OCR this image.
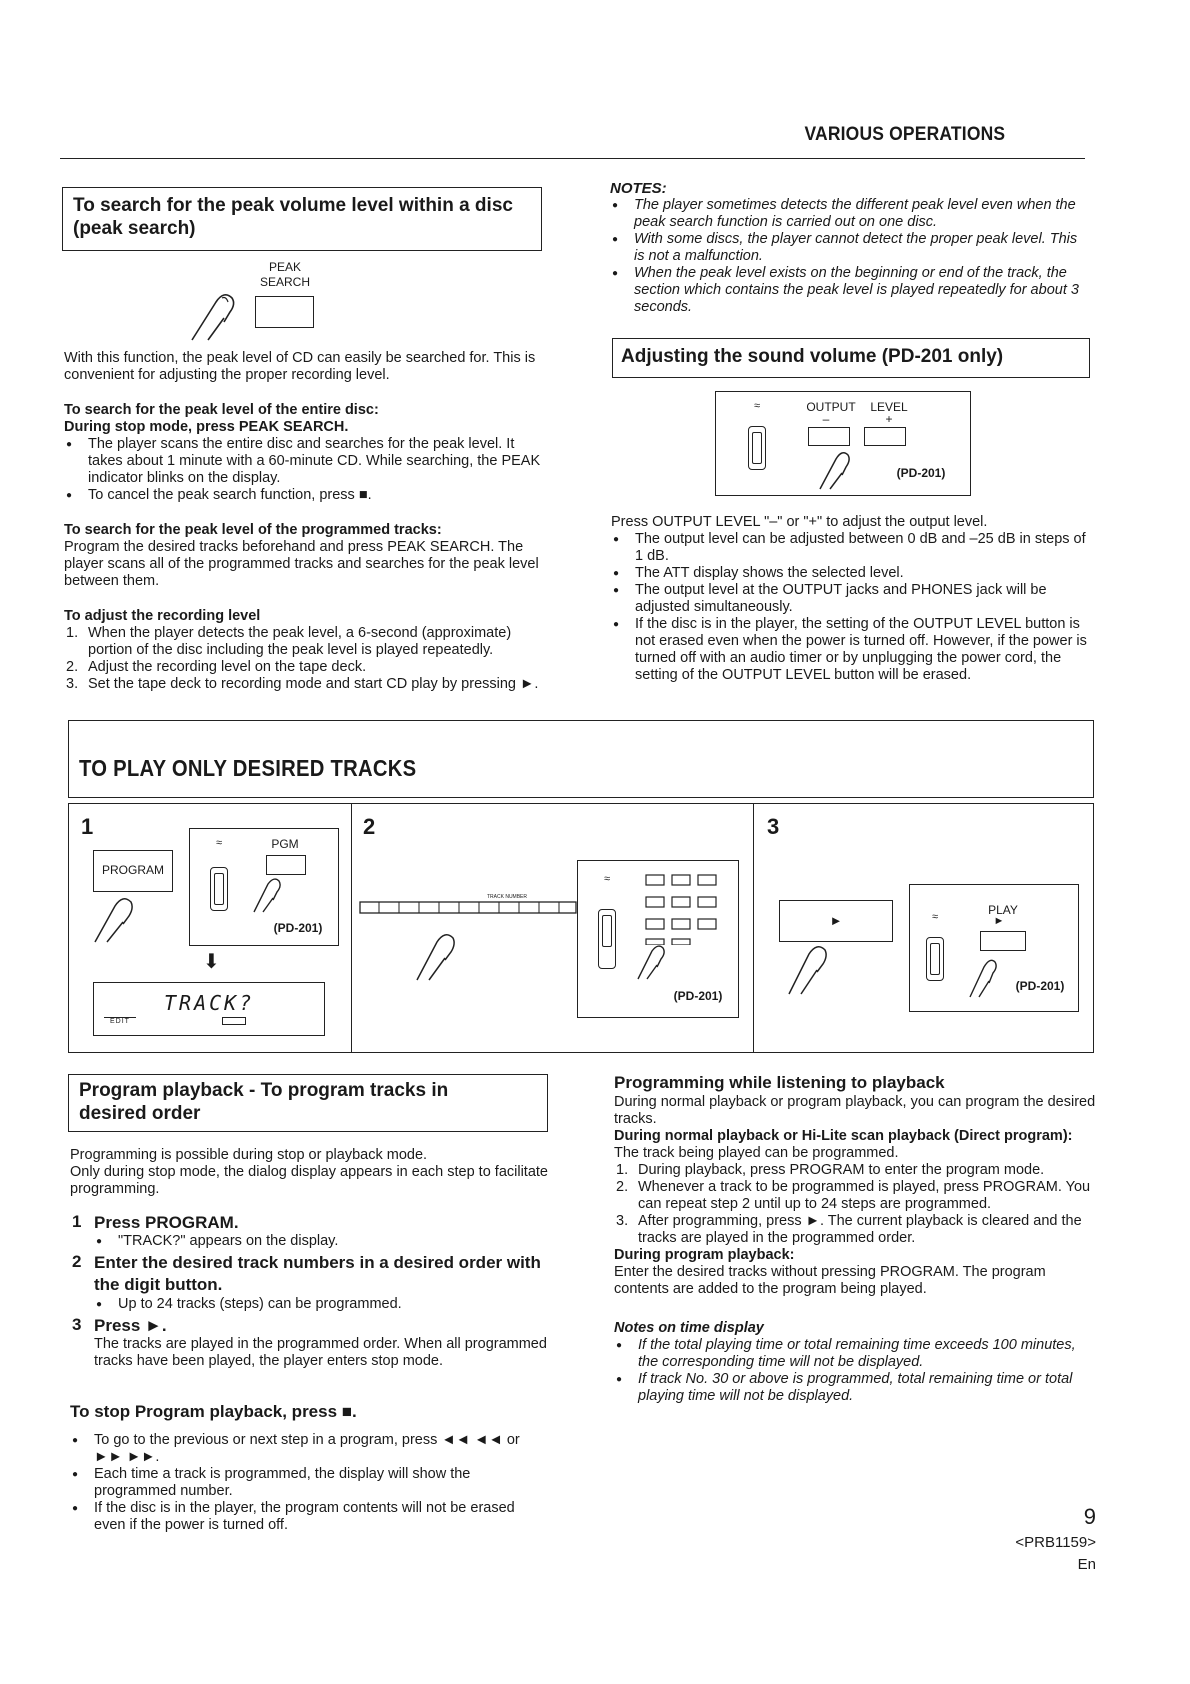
VARIOUS OPERATIONS
To search for the peak volume level within a disc (peak search)
PEAK
SEARCH

With this function, the peak level of CD can easily be searched for. This is convenient for adjusting the proper recording level.

To search for the peak level of the entire disc:

During stop mode, press PEAK SEARCH.

● The player scans the entire disc and searches for the peak level. It takes about 1 minute with a 60-minute CD. While searching, the PEAK indicator blinks on the display.
● To cancel the peak search function, press ■.

To search for the peak level of the programmed tracks:

Program the desired tracks beforehand and press PEAK SEARCH. The player scans all of the programmed tracks and searches for the peak level between them.

To adjust the recording level

1. When the player detects the peak level, a 6-second (approximate) portion of the disc including the peak level is played repeatedly.
2. Adjust the recording level on the tape deck.
3. Set the tape deck to recording mode and start CD play by pressing ►.

NOTES:

● The player sometimes detects the different peak level even when the peak search function is carried out on one disc.
● With some discs, the player cannot detect the proper peak level. This is not a malfunction.
● When the peak level exists on the beginning or end of the track, the section which contains the peak level is played repeatedly for about 3 seconds.
Adjusting the sound volume (PD-201 only)
≈	OUTPUT	LEVEL
–	+
(PD-201)

Press OUTPUT LEVEL "–" or "+" to adjust the output level.

● The output level can be adjusted between 0 dB and –25 dB in steps of 1 dB.
● The ATT display shows the selected level.
● The output level at the OUTPUT jacks and PHONES jack will be adjusted simultaneously.
● If the disc is in the player, the setting of the OUTPUT LEVEL button is not erased even when the power is turned off. However, if the power is turned off with an audio timer or by unplugging the power cord, the setting of the OUTPUT LEVEL button will be erased.
TO PLAY ONLY DESIRED TRACKS
1
PROGRAM
≈	PGM
(PD-201)
⬇
TRACK?
EDIT
2
TRACK NUMBER
≈
(PD-201)
3
►	≈	PLAY
►
(PD-201)
Program playback - To program tracks in desired order

Programming is possible during stop or playback mode.

Only during stop mode, the dialog display appears in each step to facilitate programming.

1 Press PROGRAM.
● "TRACK?" appears on the display.
2 Enter the desired track numbers in a desired order with the digit button.
● Up to 24 tracks (steps) can be programmed.
3 Press ►.

The tracks are played in the programmed order. When all programmed tracks have been played, the player enters stop mode.

To stop Program playback, press ■.

● To go to the previous or next step in a program, press ◄◄ ◄◄ or ►► ►►.
● Each time a track is programmed, the display will show the programmed number.
● If the disc is in the player, the program contents will not be erased even if the power is turned off.

Programming while listening to playback

During normal playback or program playback, you can program the desired tracks.

During normal playback or Hi-Lite scan playback (Direct program): The track being played can be programmed.

1. During playback, press PROGRAM to enter the program mode.
2. Whenever a track to be programmed is played, press PROGRAM. You can repeat step 2 until up to 24 steps are programmed.
3. After programming, press ►. The current playback is cleared and the tracks are played in the programmed order.

During program playback:

Enter the desired tracks without pressing PROGRAM. The program contents are added to the program being played.

Notes on time display

● If the total playing time or total remaining time exceeds 100 minutes, the corresponding time will not be displayed.
● If track No. 30 or above is programmed, total remaining time or total playing time will not be displayed.
9
<PRB1159>
En
